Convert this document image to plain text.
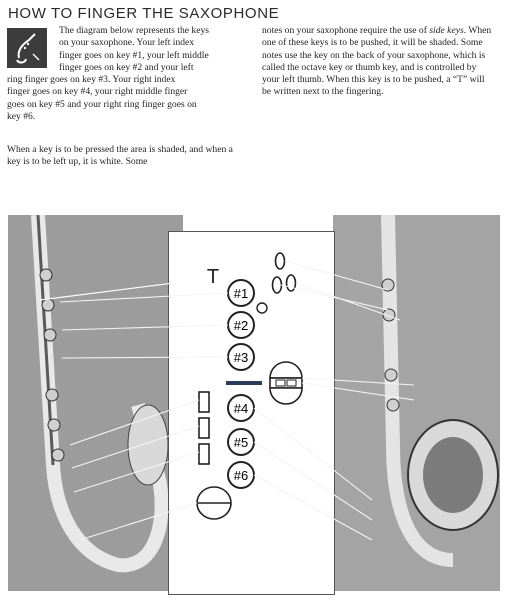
HOW TO FINGER THE SAXOPHONE
The diagram below represents the keys
on your saxophone. Your left index
finger goes on key #1, your left middle
finger goes on key #2 and your left
ring finger goes on key #3. Your right index
finger goes on key #4, your right middle finger
goes on key #5 and your right ring finger goes on
key #6.

When a key is to be pressed the area is shaded, and when a key is to be left up, it is white. Some

notes on your saxophone require the use of side keys. When one of these keys is to be pushed, it will be shaded. Some notes use the key on the back of your saxophone, which is called the octave key or thumb key, and is controlled by your left thumb. When this key is to be pushed, a “T” will be written next to the fingering.

T
#1
#2
#3
#4
#5
#6
